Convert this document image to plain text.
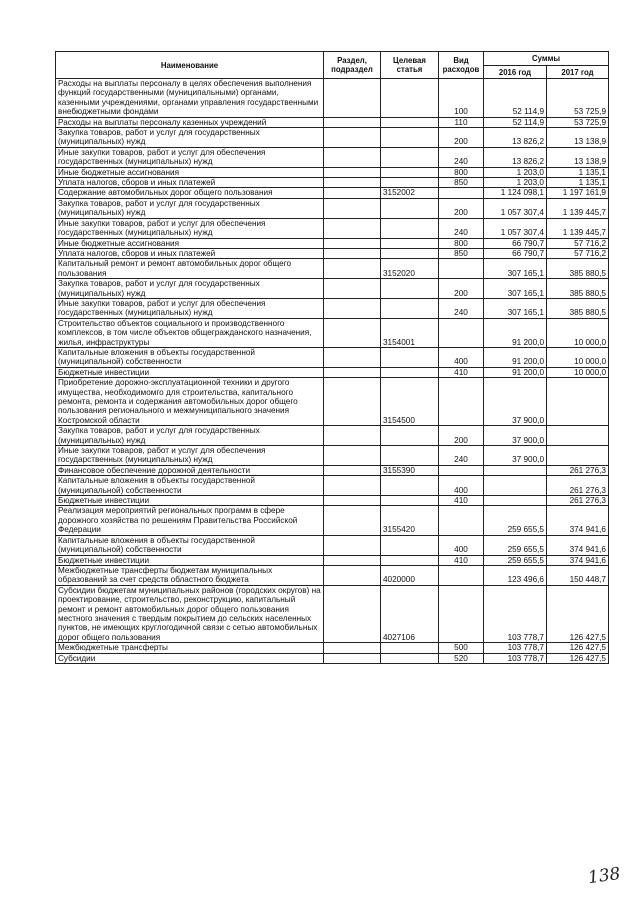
Наименование	Раздел, подраздел	Целевая статья	Вид расходов	Суммы	
				2016 год	2017 год
Расходы на выплаты персоналу в целях обеспечения выполнения функций государственными (муниципальными) органами, казенными учреждениями, органами управления государственными внебюджетными фондами			100	52 114,9	53 725,9
Расходы на выплаты персоналу казенных учреждений			110	52 114,9	53 725,9
Закупка товаров, работ и услуг для государственных (муниципальных) нужд			200	13 826,2	13 138,9
Иные закупки товаров, работ и услуг для обеспечения государственных (муниципальных) нужд			240	13 826,2	13 138,9
Иные бюджетные ассигнования			800	1 203,0	1 135,1
Уплата налогов, сборов и иных платежей			850	1 203,0	1 135,1
Содержание автомобильных дорог общего пользования		3152002		1 124 098,1	1 197 161,9
Закупка товаров, работ и услуг для государственных (муниципальных) нужд			200	1 057 307,4	1 139 445,7
Иные закупки товаров, работ и услуг для обеспечения государственных (муниципальных) нужд			240	1 057 307,4	1 139 445,7
Иные бюджетные ассигнования			800	66 790,7	57 716,2
Уплата налогов, сборов и иных платежей			850	66 790,7	57 716,2
Капитальный ремонт и ремонт автомобильных дорог общего пользования		3152020		307 165,1	385 880,5
Закупка товаров, работ и услуг для государственных (муниципальных) нужд			200	307 165,1	385 880,5
Иные закупки товаров, работ и услуг для обеспечения государственных (муниципальных) нужд			240	307 165,1	385 880,5
Строительство объектов социального и производственного комплексов, в том числе объектов общегражданского назначения, жилья, инфраструктуры		3154001		91 200,0	10 000,0
Капитальные вложения в объекты государственной (муниципальной) собственности			400	91 200,0	10 000,0
Бюджетные инвестиции			410	91 200,0	10 000,0
Приобретение дорожно-эксплуатационной техники и другого имущества, необходимомго для строительства, капитального ремонта, ремонта и содержания автомобильных дорог общего пользования регионального и межмуниципального значения Костромской области		3154500		37 900,0	
Закупка товаров, работ и услуг для государственных (муниципальных) нужд			200	37 900,0	
Иные закупки товаров, работ и услуг для обеспечения государственных (муниципальных) нужд			240	37 900,0	
Финансовое обеспечение дорожной деятельности		3155390			261 276,3
Капитальные вложения в объекты государственной (муниципальной) собственности			400		261 276,3
Бюджетные инвестиции			410		261 276,3
Реализация мероприятий региональных программ в сфере дорожного хозяйства по решениям Правительства Российской Федерации		3155420		259 655,5	374 941,6
Капитальные вложения в объекты государственной (муниципальной) собственности			400	259 655,5	374 941,6
Бюджетные инвестиции			410	259 655,5	374 941,6
Межбюджетные трансферты бюджетам муниципальных образований за счет средств областного бюджета		4020000		123 496,6	150 448,7
Субсидии бюджетам муниципальных районов (городских округов) на проектирование, строительство, реконструкцию, капитальный ремонт и ремонт автомобильных дорог общего пользования местного значения с твердым покрытием до сельских населенных пунктов, не имеющих круглогодичной связи с сетью автомобильных дорог общего пользования		4027106		103 778,7	126 427,5
Межбюджетные трансферты			500	103 778,7	126 427,5
Субсидии			520	103 778,7	126 427,5
138
